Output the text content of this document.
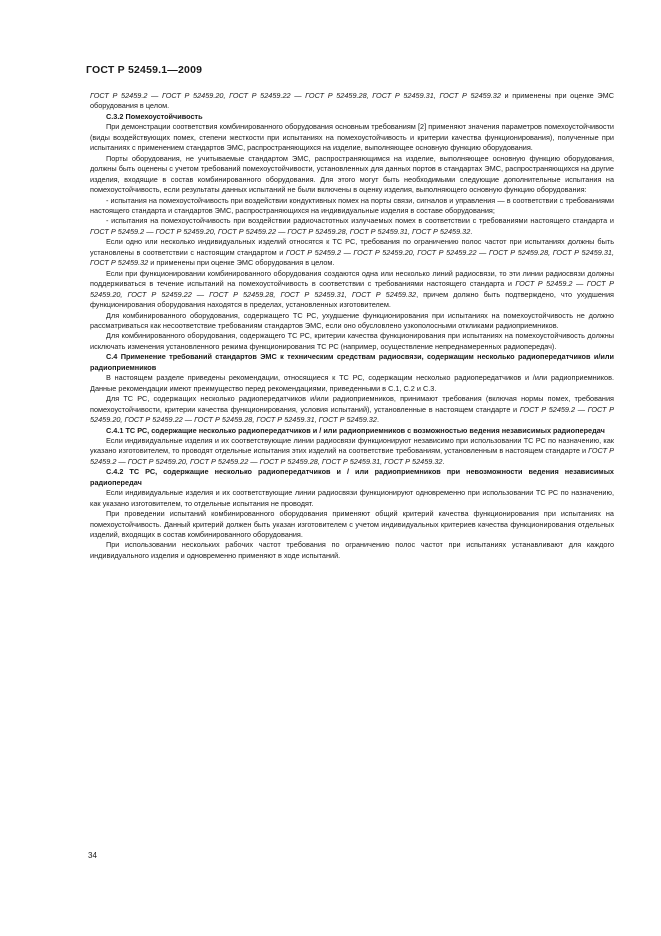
ГОСТ Р 52459.1—2009

ГОСТ Р 52459.2 — ГОСТ Р 52459.20, ГОСТ Р 52459.22 — ГОСТ Р 52459.28, ГОСТ Р 52459.31, ГОСТ Р 52459.32 и применены при оценке ЭМС оборудования в целом.

С.3.2 Помехоустойчивость

При демонстрации соответствия комбинированного оборудования основным требованиям [2] применяют значения параметров помехоустойчивости (виды воздействующих помех, степени жесткости при испытаниях на помехоустойчивость и критерии качества функционирования), полученные при испытаниях с применением стандартов ЭМС, распространяющихся на изделие, выполняющее основную функцию оборудования.

Порты оборудования, не учитываемые стандартом ЭМС, распространяющимся на изделие, выполняющее основную функцию оборудования, должны быть оценены с учетом требований помехоустойчивости, установленных для данных портов в стандартах ЭМС, распространяющихся на другие изделия, входящие в состав комбинированного оборудования. Для этого могут быть необходимыми следующие дополнительные испытания на помехоустойчивость, если результаты данных испытаний не были включены в оценку изделия, выполняющего основную функцию оборудования:

- испытания на помехоустойчивость при воздействии кондуктивных помех на порты связи, сигналов и управления — в соответствии с требованиями настоящего стандарта и стандартов ЭМС, распространяющихся на индивидуальные изделия в составе оборудования;

- испытания на помехоустойчивость при воздействии радиочастотных излучаемых помех в соответствии с требованиями настоящего стандарта и ГОСТ Р 52459.2 — ГОСТ Р 52459.20, ГОСТ Р 52459.22 — ГОСТ Р 52459.28, ГОСТ Р 52459.31, ГОСТ Р 52459.32.

Если одно или несколько индивидуальных изделий относятся к ТС РС, требования по ограничению полос частот при испытаниях должны быть установлены в соответствии с настоящим стандартом и ГОСТ Р 52459.2 — ГОСТ Р 52459.20, ГОСТ Р 52459.22 — ГОСТ Р 52459.28, ГОСТ Р 52459.31, ГОСТ Р 52459.32 и применены при оценке ЭМС оборудования в целом.

Если при функционировании комбинированного оборудования создаются одна или несколько линий радиосвязи, то эти линии радиосвязи должны поддерживаться в течение испытаний на помехоустойчивость в соответствии с требованиями настоящего стандарта и ГОСТ Р 52459.2 — ГОСТ Р 52459.20, ГОСТ Р 52459.22 — ГОСТ Р 52459.28, ГОСТ Р 52459.31, ГОСТ Р 52459.32, причем должно быть подтверждено, что ухудшения функционирования оборудования находятся в пределах, установленных изготовителем.

Для комбинированного оборудования, содержащего ТС РС, ухудшение функционирования при испытаниях на помехоустойчивость не должно рассматриваться как несоответствие требованиям стандартов ЭМС, если оно обусловлено узкополосными откликами радиоприемников.

Для комбинированного оборудования, содержащего ТС РС, критерии качества функционирования при испытаниях на помехоустойчивость должны исключать изменения установленного режима функционирования ТС РС (например, осуществление непреднамеренных радиопередач).

С.4 Применение требований стандартов ЭМС к техническим средствам радиосвязи, содержащим несколько радиопередатчиков и/или радиоприемников

В настоящем разделе приведены рекомендации, относящиеся к ТС РС, содержащим несколько радиопередатчиков и /или радиоприемников. Данные рекомендации имеют преимущество перед рекомендациями, приведенными в С.1, С.2 и С.3.

Для ТС РС, содержащих несколько радиопередатчиков и/или радиоприемников, принимают требования (включая нормы помех, требования помехоустойчивости, критерии качества функционирования, условия испытаний), установленные в настоящем стандарте и ГОСТ Р 52459.2 — ГОСТ Р 52459.20, ГОСТ Р 52459.22 — ГОСТ Р 52459.28, ГОСТ Р 52459.31, ГОСТ Р 52459.32.

С.4.1 ТС РС, содержащие несколько радиопередатчиков и / или радиоприемников с возможностью ведения независимых радиопередач

Если индивидуальные изделия и их соответствующие линии радиосвязи функционируют независимо при использовании ТС РС по назначению, как указано изготовителем, то проводят отдельные испытания этих изделий на соответствие требованиям, установленным в настоящем стандарте и ГОСТ Р 52459.2 — ГОСТ Р 52459.20, ГОСТ Р 52459.22 — ГОСТ Р 52459.28, ГОСТ Р 52459.31, ГОСТ Р 52459.32.

С.4.2 ТС РС, содержащие несколько радиопередатчиков и / или радиоприемников при невозможности ведения независимых радиопередач

Если индивидуальные изделия и их соответствующие линии радиосвязи функционируют одновременно при использовании ТС РС по назначению, как указано изготовителем, то отдельные испытания не проводят.

При проведении испытаний комбинированного оборудования применяют общий критерий качества функционирования при испытаниях на помехоустойчивость. Данный критерий должен быть указан изготовителем с учетом индивидуальных критериев качества функционирования отдельных изделий, входящих в состав комбинированного оборудования.

При использовании нескольких рабочих частот требования по ограничению полос частот при испытаниях устанавливают для каждого индивидуального изделия и одновременно применяют в ходе испытаний.

34
